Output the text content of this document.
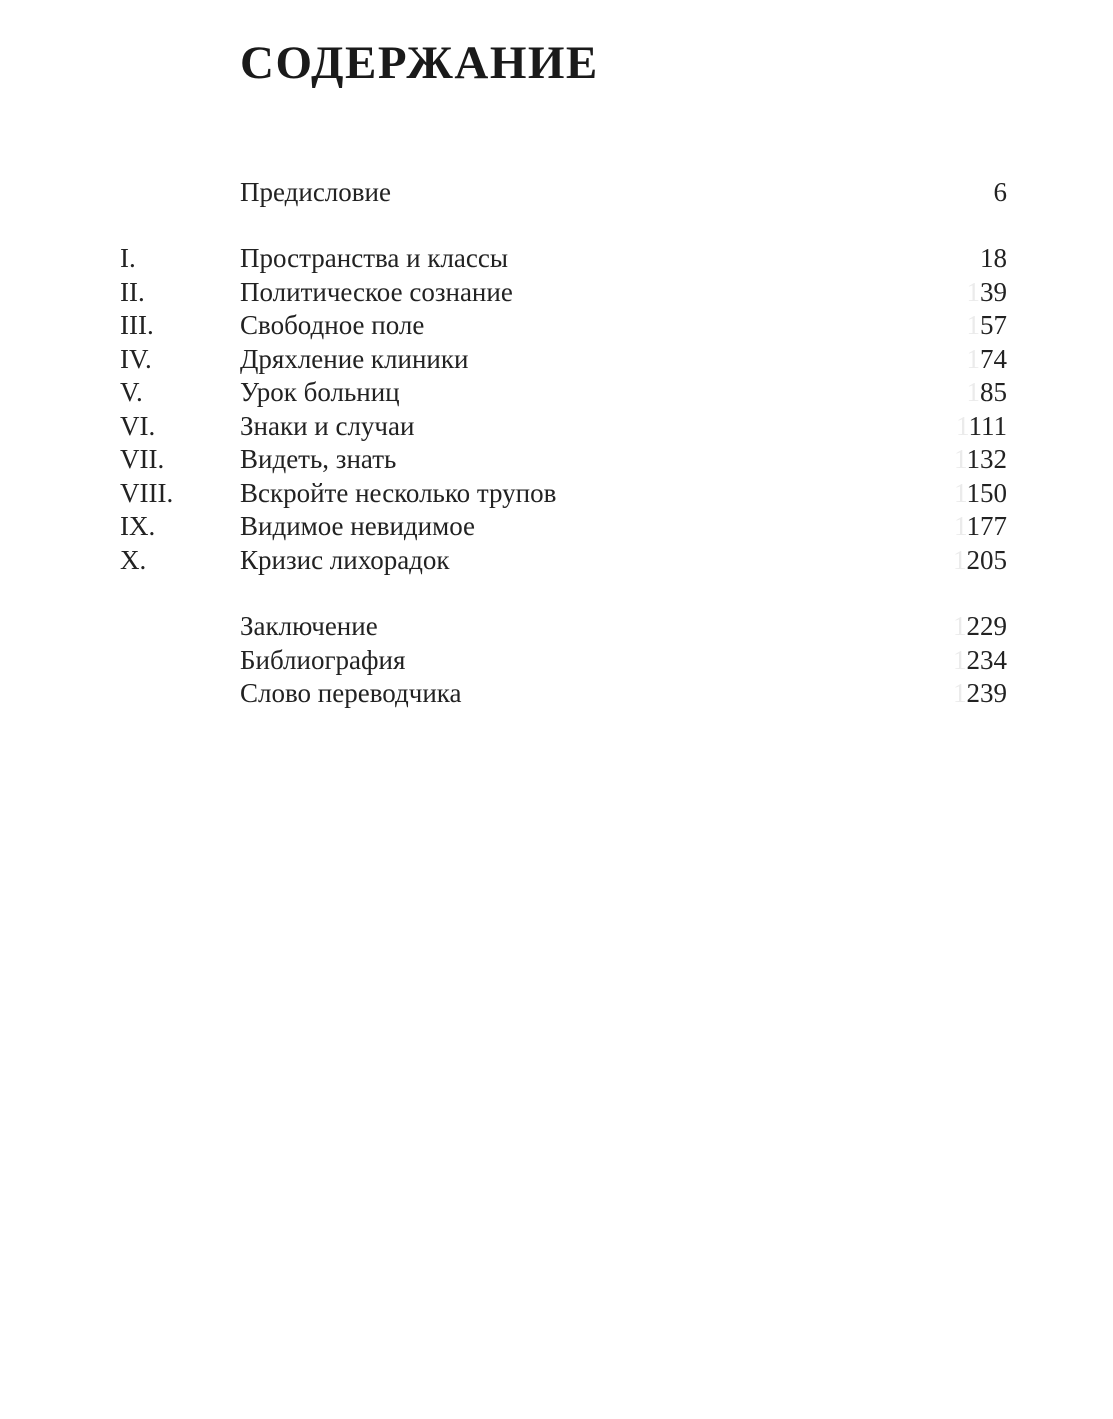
СОДЕРЖАНИЕ
Предисловие	6
I.	Пространства и классы	18
II.	Политическое сознание	139
III.	Свободное поле	157
IV.	Дряхление клиники	174
V.	Урок больниц	185
VI.	Знаки и случаи	1111
VII.	Видеть, знать	1132
VIII.	Вскройте несколько трупов	1150
IX.	Видимое невидимое	1177
X.	Кризис лихорадок	1205
Заключение	1229
Библиография	1234
Слово переводчика	1239
